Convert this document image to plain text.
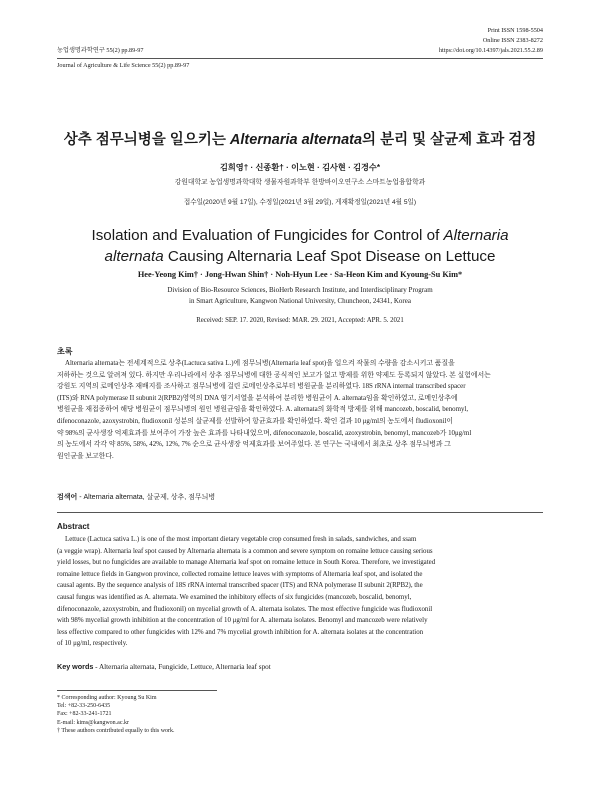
Print ISSN 1598-5504
Online ISSN 2383-8272
https://doi.org/10.14397/jals.2021.55.2.89
농업생명과학연구 55(2) pp.89-97
Journal of Agriculture & Life Science 55(2) pp.89-97
상추 점무늬병을 일으키는 Alternaria alternata의 분리 및 살균제 효과 검정
김희영† · 신종환† · 이노현 · 김사현 · 김경수*
강원대학교 농업생명과학대학 생물자원과학부 한방바이오연구소 스마트농업융합학과
접수일(2020년 9월 17일), 수정일(2021년 3월 29일), 게재확정일(2021년 4월 5일)
Isolation and Evaluation of Fungicides for Control of Alternaria
alternata Causing Alternaria Leaf Spot Disease on Lettuce
Hee-Yeong Kim† · Jong-Hwan Shin† · Noh-Hyun Lee · Sa-Heon Kim and Kyoung-Su Kim*
Division of Bio-Resource Sciences, BioHerb Research Institute, and Interdisciplinary Program
in Smart Agriculture, Kangwon National University, Chuncheon, 24341, Korea
Received: SEP. 17. 2020, Revised: MAR. 29. 2021, Accepted: APR. 5. 2021
초록
Alternaria alternata는 전세계적으로 상추(Lactuca sativa L.)에 점무늬병(Alternaria leaf spot)을 일으켜 작물의 수량을 감소시키고 품질을
저하하는 것으로 알려져 있다. 하지만 우리나라에서 상추 점무늬병에 대한 공식적인 보고가 없고 방제를 위한 약제도 등록되지 않았다. 본 실험에서는
강원도 지역의 로메인상추 재배지를 조사하고 점무늬병에 걸린 로메인상추로부터 병원균을 분리하였다. 18S rRNA internal transcribed spacer
(ITS)와 RNA polymerase II subunit 2(RPB2)영역의 DNA 염기서열을 분석하여 분리한 병원균이 A. alternata임을 확인하였고, 로메인상추에
병원균을 재접종하여 해당 병원균이 점무늬병의 원인 병원균임을 확인하였다. A. alternata의 화학적 방제를 위해 mancozeb, boscalid, benomyl,
difenoconazole, azoxystrobin, fludioxonil 성분의 살균제를 선발하여 항균효과를 확인하였다. 확인 결과 10 μg/ml의 농도에서 fludioxonil이
약 98%의 균사생장 억제효과를 보여주어 가장 높은 효과를 나타내었으며, difenoconazole, boscalid, azoxystrobin, benomyl, mancozeb가 10μg/ml
의 농도에서 각각 약 85%, 58%, 42%, 12%, 7% 순으로 균사생장 억제효과를 보여주었다. 본 연구는 국내에서 최초로 상추 점무늬병과 그
원인균을 보고한다.
검색어 - Alternaria alternata, 살균제, 상추, 점무늬병
Abstract
Lettuce (Lactuca sativa L.) is one of the most important dietary vegetable crop consumed fresh in salads, sandwiches, and ssam
(a veggie wrap). Alternaria leaf spot caused by Alternaria alternata is a common and severe symptom on romaine lettuce causing serious
yield losses, but no fungicides are available to manage Alternaria leaf spot on romaine lettuce in South Korea. Therefore, we investigated
romaine lettuce fields in Gangwon province, collected romaine lettuce leaves with symptoms of Alternaria leaf spot, and isolated the
causal agents. By the sequence analysis of 18S rRNA internal transcribed spacer (ITS) and RNA polymerase II subunit 2(RPB2), the
causal fungus was identified as A. alternata. We examined the inhibitory effects of six fungicides (mancozeb, boscalid, benomyl,
difenoconazole, azoxystrobin, and fludioxonil) on mycelial growth of A. alternata isolates. The most effective fungicide was fludioxonil
with 98% mycelial growth inhibition at the concentration of 10 μg/ml for A. alternata isolates. Benomyl and mancozeb were relatively
less effective compared to other fungicides with 12% and 7% mycelial growth inhibition for A. alternata isolates at the concentration
of 10 μg/ml, respectively.
Key words - Alternaria alternata, Fungicide, Lettuce, Alternaria leaf spot
* Corresponding author: Kyoung Su Kim
Tel: +82-33-250-6435
Fax: +82-33-241-1721
E-mail: kims@kangwon.ac.kr
† These authors contributed equally to this work.
